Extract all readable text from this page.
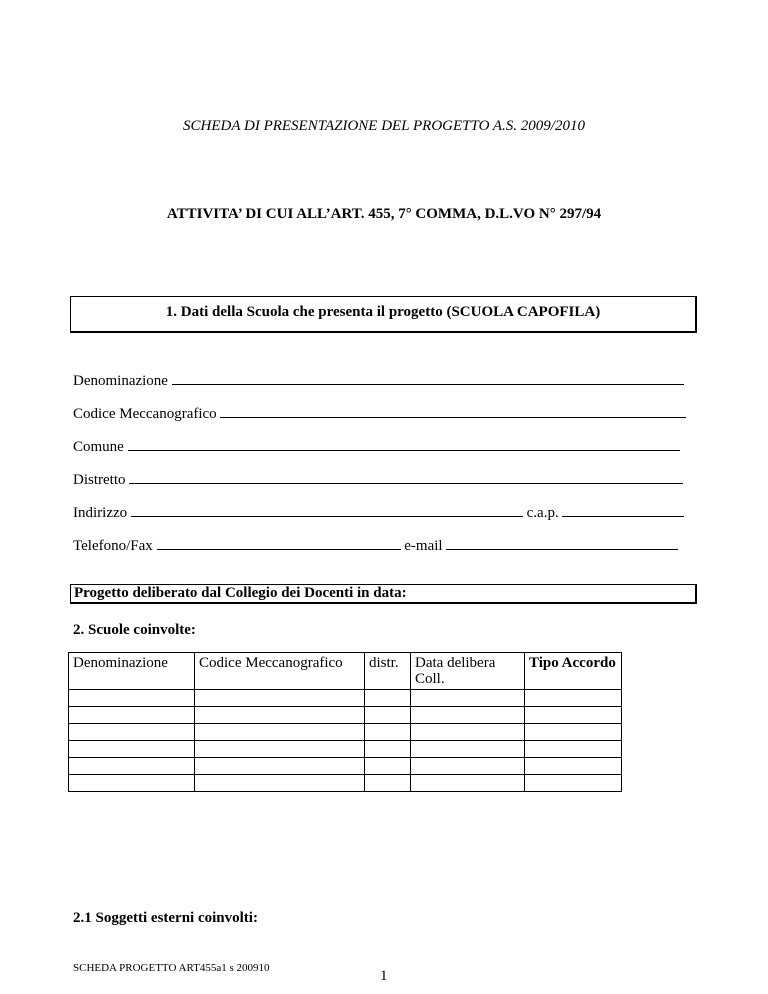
SCHEDA DI PRESENTAZIONE DEL PROGETTO A.S. 2009/2010
ATTIVITA’ DI CUI ALL’ART. 455, 7° COMMA, D.L.VO N° 297/94
1. Dati della Scuola che presenta il progetto (SCUOLA CAPOFILA)
Denominazione
Codice Meccanografico
Comune
Distretto
Indirizzo	c.a.p.
Telefono/Fax	e-mail
Progetto deliberato dal Collegio dei Docenti in data:
2. Scuole coinvolte:
Denominazione	Codice Meccanografico	distr.	Data delibera Coll.	Tipo Accordo

2.1 Soggetti esterni coinvolti:
SCHEDA PROGETTO ART455a1 s 200910	1
